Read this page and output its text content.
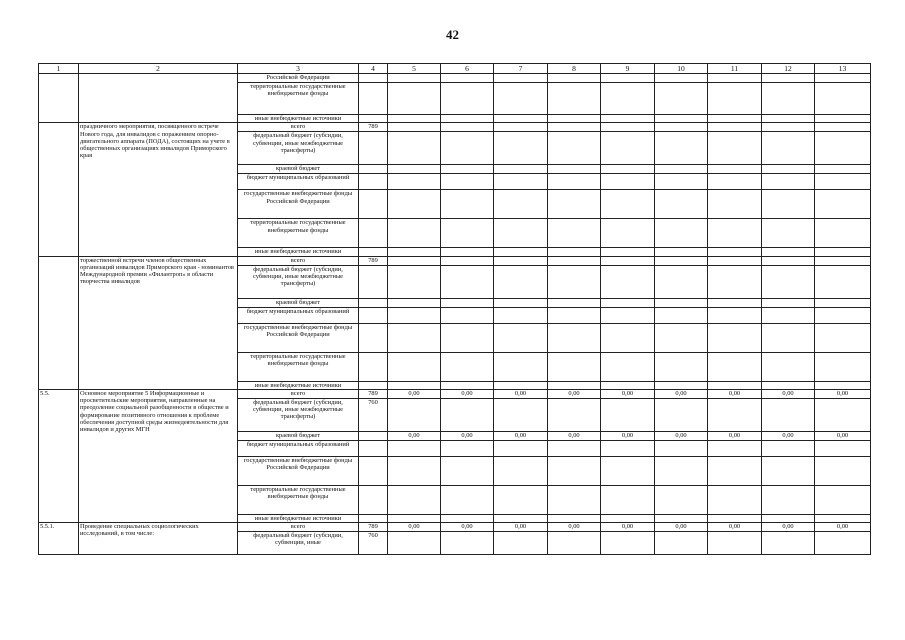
42
1	2	3	4	5	6	7	8	9	10	11	12	13
		Российской Федерации										
		территориальные государственные внебюджетные фонды										
		иные внебюджетные источники										
	праздничного мероприятия, посвященного встрече Нового года, для инвалидов с поражением опорно-двигательного аппарата (ПОДА), состоящих на учете в общественных организациях инвалидов Приморского края	всего	789									
		федеральный бюджет (субсидии, субвенции, иные межбюджетные трансферты)										
		краевой бюджет										
		бюджет муниципальных образований										
		государственные внебюджетные фонды Российской Федерации										
		территориальные государственные внебюджетные фонды										
		иные внебюджетные источники										
	торжественной встречи членов общественных организаций инвалидов Приморского края - номинантов Международной премии «Филантроп» в области творчества инвалидов	всего	789									
		федеральный бюджет (субсидии, субвенции, иные межбюджетные трансферты)										
		краевой бюджет										
		бюджет муниципальных образований										
		государственные внебюджетные фонды Российской Федерации										
		территориальные государственные внебюджетные фонды										
		иные внебюджетные источники										
5.5.	Основное мероприятие 5 Информационные и просветительские мероприятия, направленные на преодоление социальной разобщенности в обществе и формирование позитивного отношения к проблеме обеспечения доступной среды жизнедеятельности для инвалидов и других МГН	всего	789	0,00	0,00	0,00	0,00	0,00	0,00	0,00	0,00	0,00
		федеральный бюджет (субсидии, субвенции, иные межбюджетные трансферты)	760									
		краевой бюджет		0,00	0,00	0,00	0,00	0,00	0,00	0,00	0,00	0,00
		бюджет муниципальных образований										
		государственные внебюджетные фонды Российской Федерации										
		территориальные государственные внебюджетные фонды										
		иные внебюджетные источники										
5.5.1.	Проведение специальных социологических исследований, в том числе:	всего	789	0,00	0,00	0,00	0,00	0,00	0,00	0,00	0,00	0,00
		федеральный бюджет (субсидии, субвенции, иные	760									
